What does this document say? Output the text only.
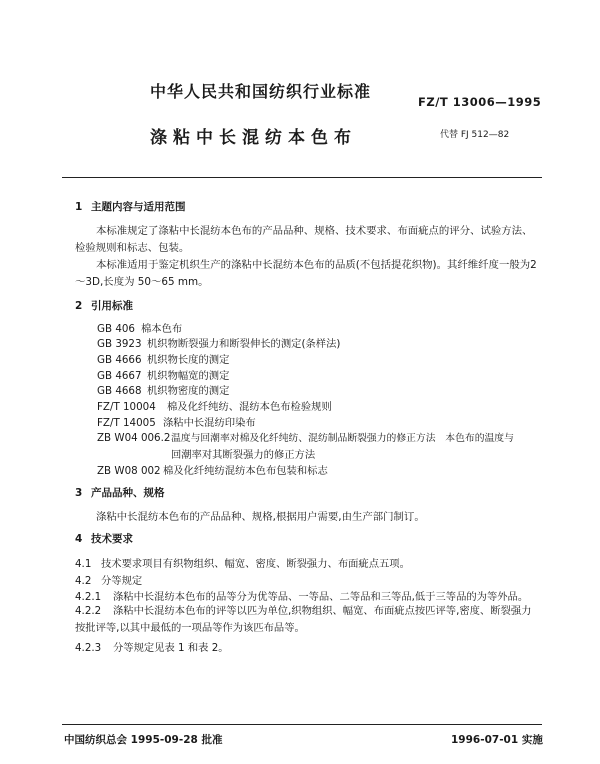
中华人民共和国纺织行业标准
FZ/T 13006—1995
涤粘中长混纺本色布	代替 FJ 512—82
1 主题内容与适用范围
本标准规定了涤粘中长混纺本色布的产品品种、规格、技术要求、布面疵点的评分、试验方法、检验规则和标志、包装。
本标准适用于鉴定机织生产的涤粘中长混纺本色布的品质(不包括提花织物)。其纤维纤度一般为2～3D,长度为 50～65 mm。
2 引用标准
GB 406 棉本色布
GB 3923 机织物断裂强力和断裂伸长的测定(条样法)
GB 4666 机织物长度的测定
GB 4667 机织物幅宽的测定
GB 4668 机织物密度的测定
FZ/T 10004 棉及化纤纯纺、混纺本色布检验规则
FZ/T 14005 涤粘中长混纺印染布
ZB W04 006.2温度与回潮率对棉及化纤纯纺、混纺制品断裂强力的修正方法　本色布的温度与
回潮率对其断裂强力的修正方法
ZB W08 002 棉及化纤纯纺混纺本色布包装和标志
3 产品品种、规格
涤粘中长混纺本色布的产品品种、规格,根据用户需要,由生产部门制订。
4 技术要求
4.1 技术要求项目有织物组织、幅宽、密度、断裂强力、布面疵点五项。
4.2 分等规定
4.2.1 涤粘中长混纺本色布的品等分为优等品、一等品、二等品和三等品,低于三等品的为等外品。
4.2.2 涤粘中长混纺本色布的评等以匹为单位,织物组织、幅宽、布面疵点按匹评等,密度、断裂强力按批评等,以其中最低的一项品等作为该匹布品等。
4.2.3 分等规定见表 1 和表 2。
中国纺织总会 1995-09-28 批准	1996-07-01 实施
